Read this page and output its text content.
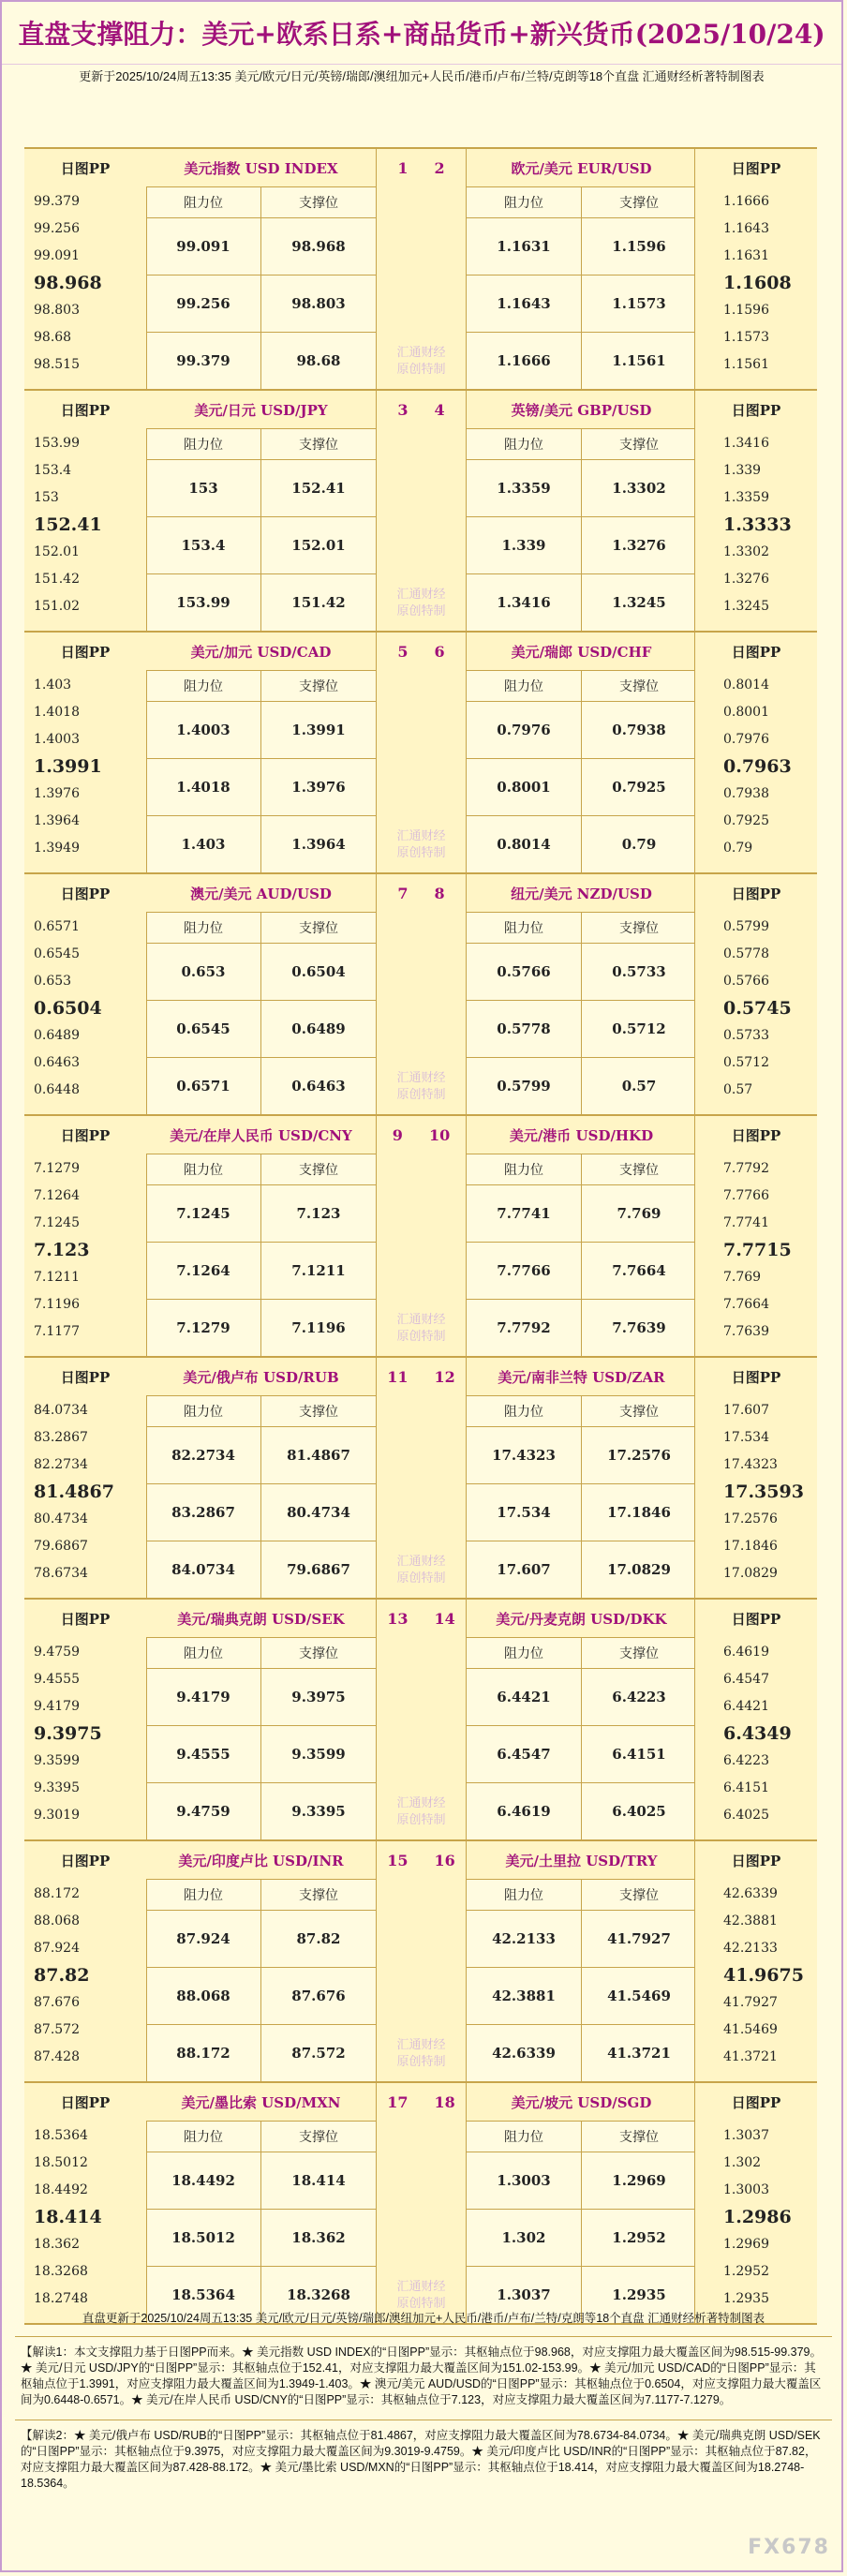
直盘支撑阻力：美元+欧系日系+商品货币+新兴货币(2025/10/24)
更新于2025/10/24周五13:35 美元/欧元/日元/英镑/瑞郎/澳纽加元+人民币/港币/卢布/兰特/克朗等18个直盘 汇通财经析著特制图表
日图PP
99.379
99.256
99.091
98.968
98.803
98.68
98.515
美元指数 USD INDEX
阻力位	支撑位
99.091	98.968
99.256	98.803
99.379	98.68
1 2
汇通财经
原创特制
欧元/美元 EUR/USD
阻力位	支撑位
1.1631	1.1596
1.1643	1.1573
1.1666	1.1561
日图PP
1.1666
1.1643
1.1631
1.1608
1.1596
1.1573
1.1561
日图PP
153.99
153.4
153
152.41
152.01
151.42
151.02
美元/日元 USD/JPY
阻力位	支撑位
153	152.41
153.4	152.01
153.99	151.42
3 4
汇通财经
原创特制
英镑/美元 GBP/USD
阻力位	支撑位
1.3359	1.3302
1.339	1.3276
1.3416	1.3245
日图PP
1.3416
1.339
1.3359
1.3333
1.3302
1.3276
1.3245
日图PP
1.403
1.4018
1.4003
1.3991
1.3976
1.3964
1.3949
美元/加元 USD/CAD
阻力位	支撑位
1.4003	1.3991
1.4018	1.3976
1.403	1.3964
5 6
汇通财经
原创特制
美元/瑞郎 USD/CHF
阻力位	支撑位
0.7976	0.7938
0.8001	0.7925
0.8014	0.79
日图PP
0.8014
0.8001
0.7976
0.7963
0.7938
0.7925
0.79
日图PP
0.6571
0.6545
0.653
0.6504
0.6489
0.6463
0.6448
澳元/美元 AUD/USD
阻力位	支撑位
0.653	0.6504
0.6545	0.6489
0.6571	0.6463
7 8
汇通财经
原创特制
纽元/美元 NZD/USD
阻力位	支撑位
0.5766	0.5733
0.5778	0.5712
0.5799	0.57
日图PP
0.5799
0.5778
0.5766
0.5745
0.5733
0.5712
0.57
日图PP
7.1279
7.1264
7.1245
7.123
7.1211
7.1196
7.1177
美元/在岸人民币 USD/CNY
阻力位	支撑位
7.1245	7.123
7.1264	7.1211
7.1279	7.1196
9 10
汇通财经
原创特制
美元/港币 USD/HKD
阻力位	支撑位
7.7741	7.769
7.7766	7.7664
7.7792	7.7639
日图PP
7.7792
7.7766
7.7741
7.7715
7.769
7.7664
7.7639
日图PP
84.0734
83.2867
82.2734
81.4867
80.4734
79.6867
78.6734
美元/俄卢布 USD/RUB
阻力位	支撑位
82.2734	81.4867
83.2867	80.4734
84.0734	79.6867
11 12
汇通财经
原创特制
美元/南非兰特 USD/ZAR
阻力位	支撑位
17.4323	17.2576
17.534	17.1846
17.607	17.0829
日图PP
17.607
17.534
17.4323
17.3593
17.2576
17.1846
17.0829
日图PP
9.4759
9.4555
9.4179
9.3975
9.3599
9.3395
9.3019
美元/瑞典克朗 USD/SEK
阻力位	支撑位
9.4179	9.3975
9.4555	9.3599
9.4759	9.3395
13 14
汇通财经
原创特制
美元/丹麦克朗 USD/DKK
阻力位	支撑位
6.4421	6.4223
6.4547	6.4151
6.4619	6.4025
日图PP
6.4619
6.4547
6.4421
6.4349
6.4223
6.4151
6.4025
日图PP
88.172
88.068
87.924
87.82
87.676
87.572
87.428
美元/印度卢比 USD/INR
阻力位	支撑位
87.924	87.82
88.068	87.676
88.172	87.572
15 16
汇通财经
原创特制
美元/土里拉 USD/TRY
阻力位	支撑位
42.2133	41.7927
42.3881	41.5469
42.6339	41.3721
日图PP
42.6339
42.3881
42.2133
41.9675
41.7927
41.5469
41.3721
日图PP
18.5364
18.5012
18.4492
18.414
18.362
18.3268
18.2748
美元/墨比索 USD/MXN
阻力位	支撑位
18.4492	18.414
18.5012	18.362
18.5364	18.3268
17 18
汇通财经
原创特制
美元/坡元 USD/SGD
阻力位	支撑位
1.3003	1.2969
1.302	1.2952
1.3037	1.2935
日图PP
1.3037
1.302
1.3003
1.2986
1.2969
1.2952
1.2935
直盘更新于2025/10/24周五13:35 美元/欧元/日元/英镑/瑞郎/澳纽加元+人民币/港币/卢布/兰特/克朗等18个直盘 汇通财经析著特制图表
【解读1：本文支撑阻力基于日图PP而来。★ 美元指数 USD INDEX的“日图PP”显示：其枢轴点位于98.968，对应支撑阻力最大覆盖区间为98.515-99.379。★ 美元/日元 USD/JPY的“日图PP”显示：其枢轴点位于152.41，对应支撑阻力最大覆盖区间为151.02-153.99。★ 美元/加元 USD/CAD的“日图PP”显示：其枢轴点位于1.3991，对应支撑阻力最大覆盖区间为1.3949-1.403。★ 澳元/美元 AUD/USD的“日图PP”显示：其枢轴点位于0.6504，对应支撑阻力最大覆盖区间为0.6448-0.6571。★ 美元/在岸人民币 USD/CNY的“日图PP”显示：其枢轴点位于7.123，对应支撑阻力最大覆盖区间为7.1177-7.1279。
【解读2：★ 美元/俄卢布 USD/RUB的“日图PP”显示：其枢轴点位于81.4867，对应支撑阻力最大覆盖区间为78.6734-84.0734。★ 美元/瑞典克朗 USD/SEK的“日图PP”显示：其枢轴点位于9.3975，对应支撑阻力最大覆盖区间为9.3019-9.4759。★ 美元/印度卢比 USD/INR的“日图PP”显示：其枢轴点位于87.82，对应支撑阻力最大覆盖区间为87.428-88.172。★ 美元/墨比索 USD/MXN的“日图PP”显示：其枢轴点位于18.414，对应支撑阻力最大覆盖区间为18.2748-18.5364。
FX678
